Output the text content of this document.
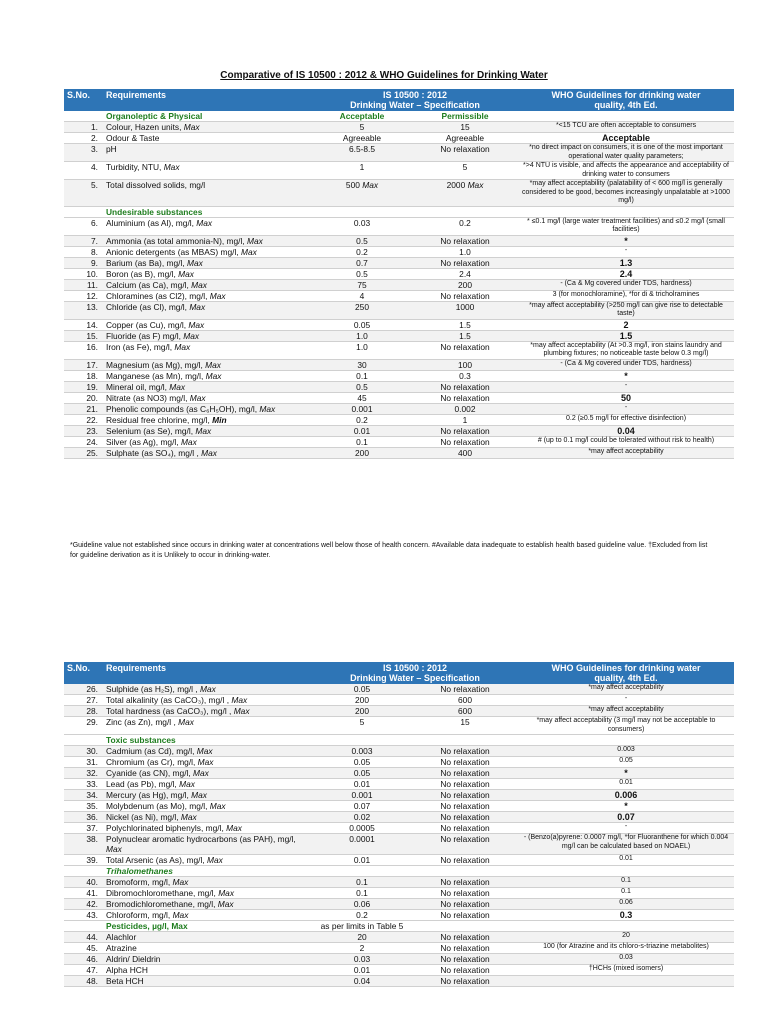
Comparative of IS 10500 : 2012 & WHO Guidelines for Drinking Water
S.No.	Requirements	IS 10500 : 2012
Drinking Water – Specification		WHO Guidelines for drinking water
quality, 4th Ed.
	Organoleptic & Physical	Acceptable	Permissible	
1.	Colour, Hazen units, Max	5	15	*<15 TCU are often acceptable to consumers
2.	Odour & Taste	Agreeable	Agreeable	Acceptable
3.	pH	6.5-8.5	No relaxation	*no direct impact on consumers, it is one of the most important operational water quality parameters;
4.	Turbidity, NTU, Max	1	5	*>4 NTU is visible, and affects the appearance and acceptability of drinking water to consumers
5.	Total dissolved solids, mg/l	500 Max	2000 Max	*may affect acceptability (palatability of < 600 mg/l is generally considered to be good, becomes increasingly unpalatable at >1000 mg/l)
	Undesirable substances			
6.	Aluminium (as Al), mg/l, Max	0.03	0.2	* ≤0.1 mg/l (large water treatment facilities) and ≤0.2 mg/l (small facilities)
7.	Ammonia (as total ammonia-N), mg/l, Max	0.5	No relaxation	*
8.	Anionic detergents (as MBAS) mg/l, Max	0.2	1.0	-
9.	Barium (as Ba), mg/l, Max	0.7	No relaxation	1.3
10.	Boron (as B), mg/l, Max	0.5	2.4	2.4
11.	Calcium (as Ca), mg/l, Max	75	200	- (Ca & Mg covered under TDS, hardness)
12.	Chloramines (as Cl2), mg/l, Max	4	No relaxation	3 (for monochloramine), *for di & tricholramines
13.	Chloride (as Cl), mg/l, Max	250	1000	*may affect acceptability (>250 mg/l can give rise to detectable taste)
14.	Copper (as Cu), mg/l, Max	0.05	1.5	2
15.	Fluoride (as F) mg/l, Max	1.0	1.5	1.5
16.	Iron (as Fe), mg/l, Max	1.0	No relaxation	*may affect acceptability (At >0.3 mg/l, iron stains laundry and plumbing fixtures; no noticeable taste below 0.3 mg/l)
17.	Magnesium (as Mg), mg/l, Max	30	100	- (Ca & Mg covered under TDS, hardness)
18.	Manganese (as Mn), mg/l, Max	0.1	0.3	*
19.	Mineral oil, mg/l, Max	0.5	No relaxation	-
20.	Nitrate (as NO3) mg/l, Max	45	No relaxation	50
21.	Phenolic compounds (as C₆H₅OH), mg/l, Max	0.001	0.002	-
22.	Residual free chlorine, mg/l, Min	0.2	1	0.2 (≥0.5 mg/l for effective disinfection)
23.	Selenium (as Se), mg/l, Max	0.01	No relaxation	0.04
24.	Silver (as Ag), mg/l, Max	0.1	No relaxation	# (up to 0.1 mg/l could be tolerated without risk to health)
25.	Sulphate (as SO₄), mg/l , Max	200	400	*may affect acceptability
*Guideline value not established since occurs in drinking water at concentrations well below those of health concern. #Available data inadequate to establish health based guideline value. †Excluded from list for guideline derivation as it is Unlikely to occur in drinking-water.
S.No.	Requirements	IS 10500 : 2012
Drinking Water – Specification		WHO Guidelines for drinking water
quality, 4th Ed.
26.	Sulphide (as H₂S), mg/l , Max	0.05	No relaxation	*may affect acceptability
27.	Total alkalinity (as CaCO₃), mg/l , Max	200	600	-
28.	Total hardness (as CaCO₃), mg/l , Max	200	600	*may affect acceptability
29.	Zinc (as Zn), mg/l , Max	5	15	*may affect acceptability (3 mg/l may not be acceptable to consumers)
	Toxic substances			
30.	Cadmium (as Cd), mg/l, Max	0.003	No relaxation	0.003
31.	Chromium (as Cr), mg/l, Max	0.05	No relaxation	0.05
32.	Cyanide (as CN), mg/l, Max	0.05	No relaxation	*
33.	Lead (as Pb), mg/l, Max	0.01	No relaxation	0.01
34.	Mercury (as Hg), mg/l, Max	0.001	No relaxation	0.006
35.	Molybdenum (as Mo), mg/l, Max	0.07	No relaxation	*
36.	Nickel (as Ni), mg/l, Max	0.02	No relaxation	0.07
37.	Polychlorinated biphenyls, mg/l, Max	0.0005	No relaxation	-
38.	Polynuclear aromatic hydrocarbons (as PAH), mg/l, Max	0.0001	No relaxation	- (Benzo(a)pyrene: 0.0007 mg/l, *for Fluoranthene for which 0.004 mg/l can be calculated based on NOAEL)
39.	Total Arsenic (as As), mg/l, Max	0.01	No relaxation	0.01
	Trihalomethanes			
40.	Bromoform, mg/l, Max	0.1	No relaxation	0.1
41.	Dibromochloromethane, mg/l, Max	0.1	No relaxation	0.1
42.	Bromodichloromethane, mg/l, Max	0.06	No relaxation	0.06
43.	Chloroform, mg/l, Max	0.2	No relaxation	0.3
	Pesticides, µg/l, Max	as per limits in Table 5		
44.	Alachlor	20	No relaxation	20
45.	Atrazine	2	No relaxation	100 (for Atrazine and its chloro-s-triazine metabolites)
46.	Aldrin/ Dieldrin	0.03	No relaxation	0.03
47.	Alpha HCH	0.01	No relaxation	†HCHs (mixed isomers)
48.	Beta HCH	0.04	No relaxation	
